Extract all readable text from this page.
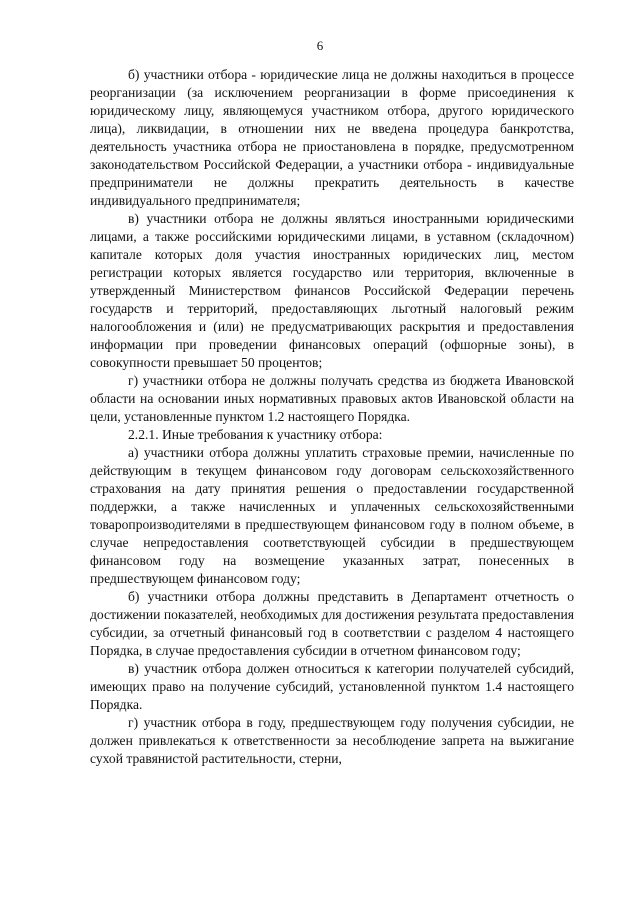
6

б) участники отбора - юридические лица не должны находиться в процессе реорганизации (за исключением реорганизации в форме присоединения к юридическому лицу, являющемуся участником отбора, другого юридического лица), ликвидации, в отношении них не введена процедура банкротства, деятельность участника отбора не приостановлена в порядке, предусмотренном законодательством Российской Федерации, а участники отбора - индивидуальные предприниматели не должны прекратить деятельность в качестве индивидуального предпринимателя;

в) участники отбора не должны являться иностранными юридическими лицами, а также российскими юридическими лицами, в уставном (складочном) капитале которых доля участия иностранных юридических лиц, местом регистрации которых является государство или территория, включенные в утвержденный Министерством финансов Российской Федерации перечень государств и территорий, предоставляющих льготный налоговый режим налогообложения и (или) не предусматривающих раскрытия и предоставления информации при проведении финансовых операций (офшорные зоны), в совокупности превышает 50 процентов;

г) участники отбора не должны получать средства из бюджета Ивановской области на основании иных нормативных правовых актов Ивановской области на цели, установленные пунктом 1.2 настоящего Порядка.

2.2.1. Иные требования к участнику отбора:

а) участники отбора должны уплатить страховые премии, начисленные по действующим в текущем финансовом году договорам сельскохозяйственного страхования на дату принятия решения о предоставлении государственной поддержки, а также начисленных и уплаченных сельскохозяйственными товаропроизводителями в предшествующем финансовом году в полном объеме, в случае непредоставления соответствующей субсидии в предшествующем финансовом году на возмещение указанных затрат, понесенных в предшествующем финансовом году;

б) участники отбора должны представить в Департамент отчетность о достижении показателей, необходимых для достижения результата предоставления субсидии, за отчетный финансовый год в соответствии с разделом 4 настоящего Порядка, в случае предоставления субсидии в отчетном финансовом году;

в) участник отбора должен относиться к категории получателей субсидий, имеющих право на получение субсидий, установленной пунктом 1.4 настоящего Порядка.

г) участник отбора в году, предшествующем году получения субсидии, не должен привлекаться к ответственности за несоблюдение запрета на выжигание сухой травянистой растительности, стерни,
